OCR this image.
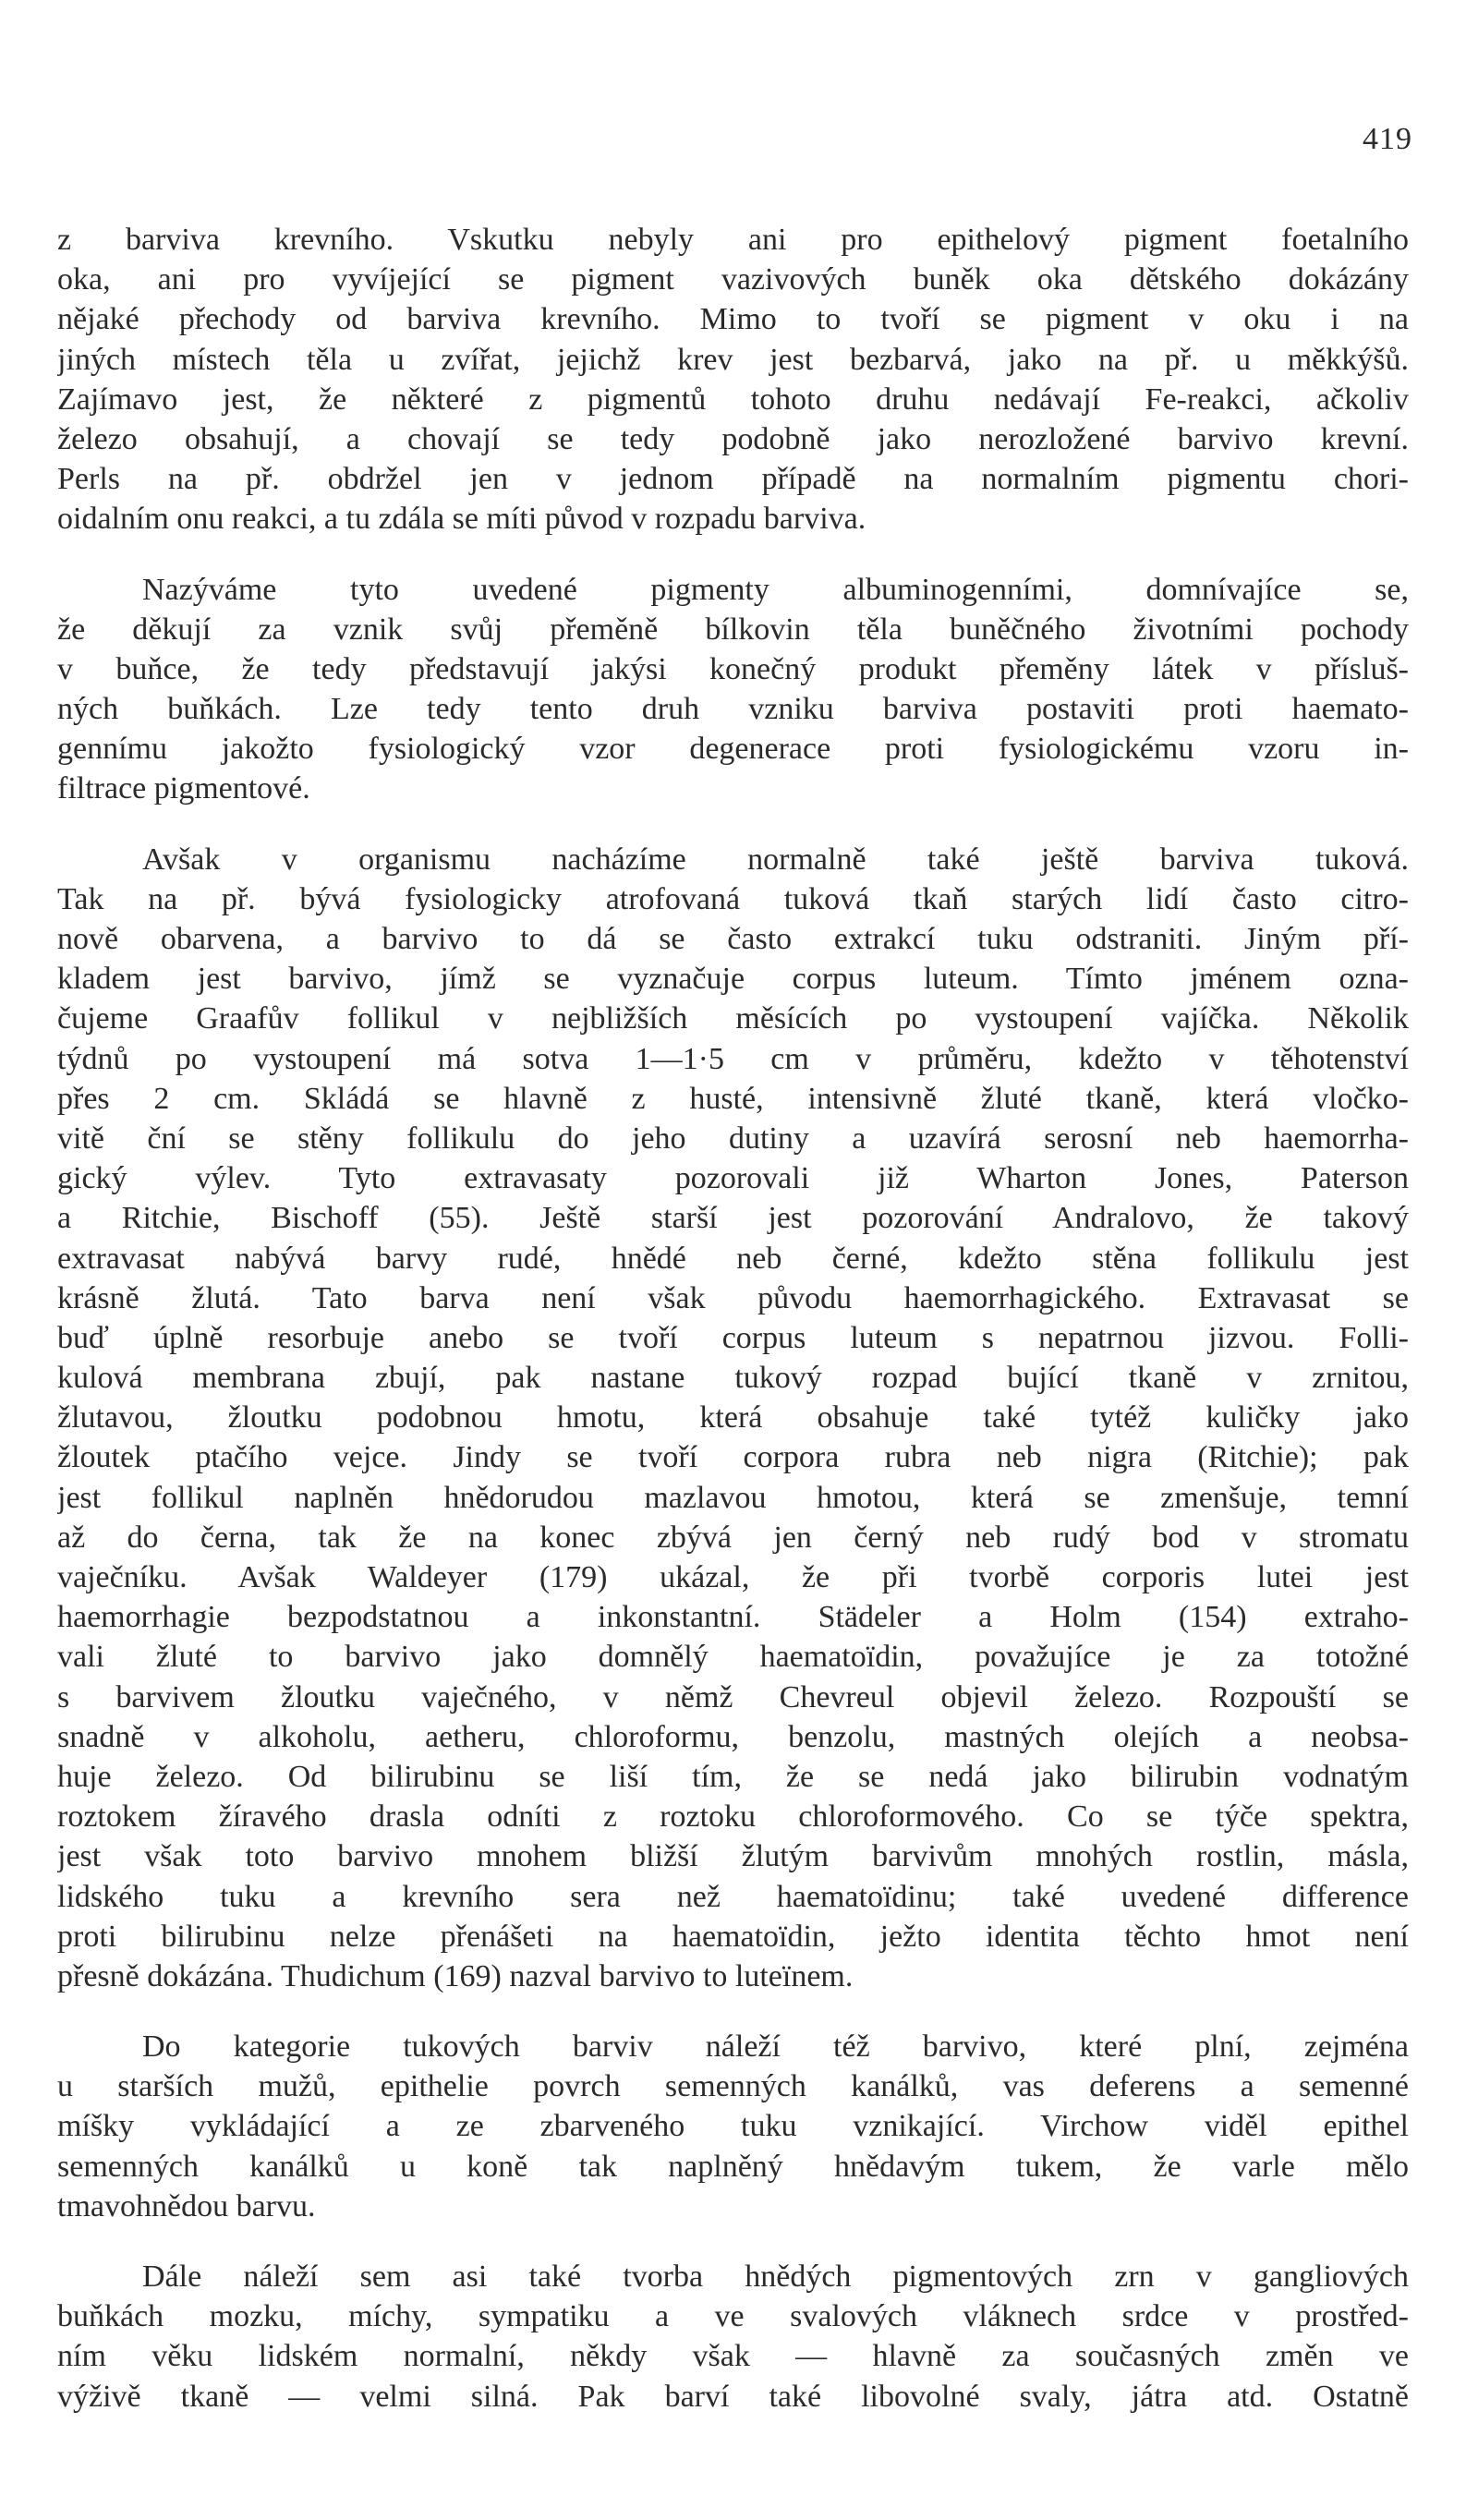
419
z barviva krevního. Vskutku nebyly ani pro epithelový pigment foetalního
oka, ani pro vyvíjející se pigment vazivových buněk oka dětského dokázány
nějaké přechody od barviva krevního. Mimo to tvoří se pigment v oku i na
jiných místech těla u zvířat, jejichž krev jest bezbarvá, jako na př. u měkkýšů.
Zajímavo jest, že některé z pigmentů tohoto druhu nedávají Fe-reakci, ačkoliv
železo obsahují, a chovají se tedy podobně jako nerozložené barvivo krevní.
Perls na př. obdržel jen v jednom případě na normalním pigmentu chori-
oidalním onu reakci, a tu zdála se míti původ v rozpadu barviva.
Nazýváme tyto uvedené pigmenty albuminogenními, domnívajíce se,
že děkují za vznik svůj přeměně bílkovin těla buněčného životními pochody
v buňce, že tedy představují jakýsi konečný produkt přeměny látek v přísluš-
ných buňkách. Lze tedy tento druh vzniku barviva postaviti proti haemato-
gennímu jakožto fysiologický vzor degenerace proti fysiologickému vzoru in-
filtrace pigmentové.
Avšak v organismu nacházíme normalně také ještě barviva tuková.
Tak na př. bývá fysiologicky atrofovaná tuková tkaň starých lidí často citro-
nově obarvena, a barvivo to dá se často extrakcí tuku odstraniti. Jiným pří-
kladem jest barvivo, jímž se vyznačuje corpus luteum. Tímto jménem ozna-
čujeme Graafův follikul v nejbližších měsících po vystoupení vajíčka. Několik
týdnů po vystoupení má sotva 1—1·5 cm v průměru, kdežto v těhotenství
přes 2 cm. Skládá se hlavně z husté, intensivně žluté tkaně, která vločko-
vitě ční se stěny follikulu do jeho dutiny a uzavírá serosní neb haemorrha-
gický výlev. Tyto extravasaty pozorovali již Wharton Jones, Paterson
a Ritchie, Bischoff (55). Ještě starší jest pozorování Andralovo, že takový
extravasat nabývá barvy rudé, hnědé neb černé, kdežto stěna follikulu jest
krásně žlutá. Tato barva není však původu haemorrhagického. Extravasat se
buď úplně resorbuje anebo se tvoří corpus luteum s nepatrnou jizvou. Folli-
kulová membrana zbují, pak nastane tukový rozpad bující tkaně v zrnitou,
žlutavou, žloutku podobnou hmotu, která obsahuje také tytéž kuličky jako
žloutek ptačího vejce. Jindy se tvoří corpora rubra neb nigra (Ritchie); pak
jest follikul naplněn hnědorudou mazlavou hmotou, která se zmenšuje, temní
až do černa, tak že na konec zbývá jen černý neb rudý bod v stromatu
vaječníku. Avšak Waldeyer (179) ukázal, že při tvorbě corporis lutei jest
haemorrhagie bezpodstatnou a inkonstantní. Städeler a Holm (154) extraho-
vali žluté to barvivo jako domnělý haematoïdin, považujíce je za totožné
s barvivem žloutku vaječného, v němž Chevreul objevil železo. Rozpouští se
snadně v alkoholu, aetheru, chloroformu, benzolu, mastných olejích a neobsa-
huje železo. Od bilirubinu se liší tím, že se nedá jako bilirubin vodnatým
roztokem žíravého drasla odníti z roztoku chloroformového. Co se týče spektra,
jest však toto barvivo mnohem bližší žlutým barvivům mnohých rostlin, másla,
lidského tuku a krevního sera než haematoïdinu; také uvedené difference
proti bilirubinu nelze přenášeti na haematoïdin, ježto identita těchto hmot není
přesně dokázána. Thudichum (169) nazval barvivo to luteïnem.
Do kategorie tukových barviv náleží též barvivo, které plní, zejména
u starších mužů, epithelie povrch semenných kanálků, vas deferens a semenné
míšky vykládající a ze zbarveného tuku vznikající. Virchow viděl epithel
semenných kanálků u koně tak naplněný hnědavým tukem, že varle mělo
tmavohnědou barvu.
Dále náleží sem asi také tvorba hnědých pigmentových zrn v gangliových
buňkách mozku, míchy, sympatiku a ve svalových vláknech srdce v prostřed-
ním věku lidském normalní, někdy však — hlavně za současných změn ve
výživě tkaně — velmi silná. Pak barví také libovolné svaly, játra atd. Ostatně
